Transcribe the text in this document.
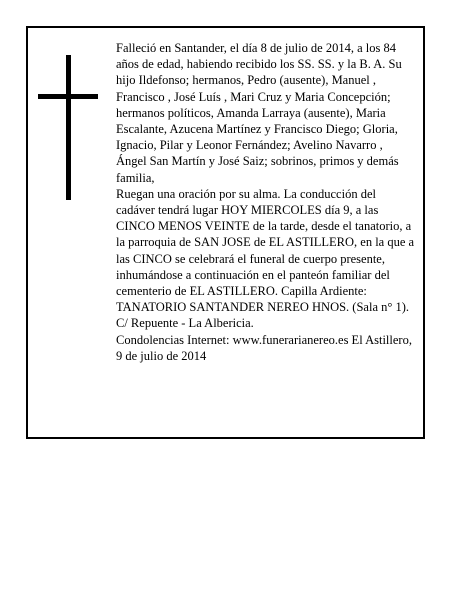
Falleció en Santander, el día 8 de julio de 2014, a los 84 años de edad, habiendo recibido los SS. SS. y la B. A. Su hijo Ildefonso; hermanos, Pedro (ausente), Manuel , Francisco , José Luís , Mari Cruz y Maria Concepción; hermanos políticos, Amanda Larraya (ausente), Maria Escalante, Azucena Martínez y Francisco Diego; Gloria, Ignacio, Pilar y Leonor Fernández; Avelino Navarro , Ángel San Martín y José Saiz; sobrinos, primos y demás familia,

Ruegan una oración por su alma. La conducción del cadáver tendrá lugar HOY MIERCOLES día 9, a las CINCO MENOS VEINTE de la tarde, desde el tanatorio, a la parroquia de SAN JOSE de EL ASTILLERO, en la que a las CINCO se celebrará el funeral de cuerpo presente, inhumándose a continuación en el panteón familiar del cementerio de EL ASTILLERO. Capilla Ardiente: TANATORIO SANTANDER NEREO HNOS. (Sala n° 1). C/ Repuente - La Albericia.

Condolencias Internet: www.funerarianereo.es El Astillero, 9 de julio de 2014
